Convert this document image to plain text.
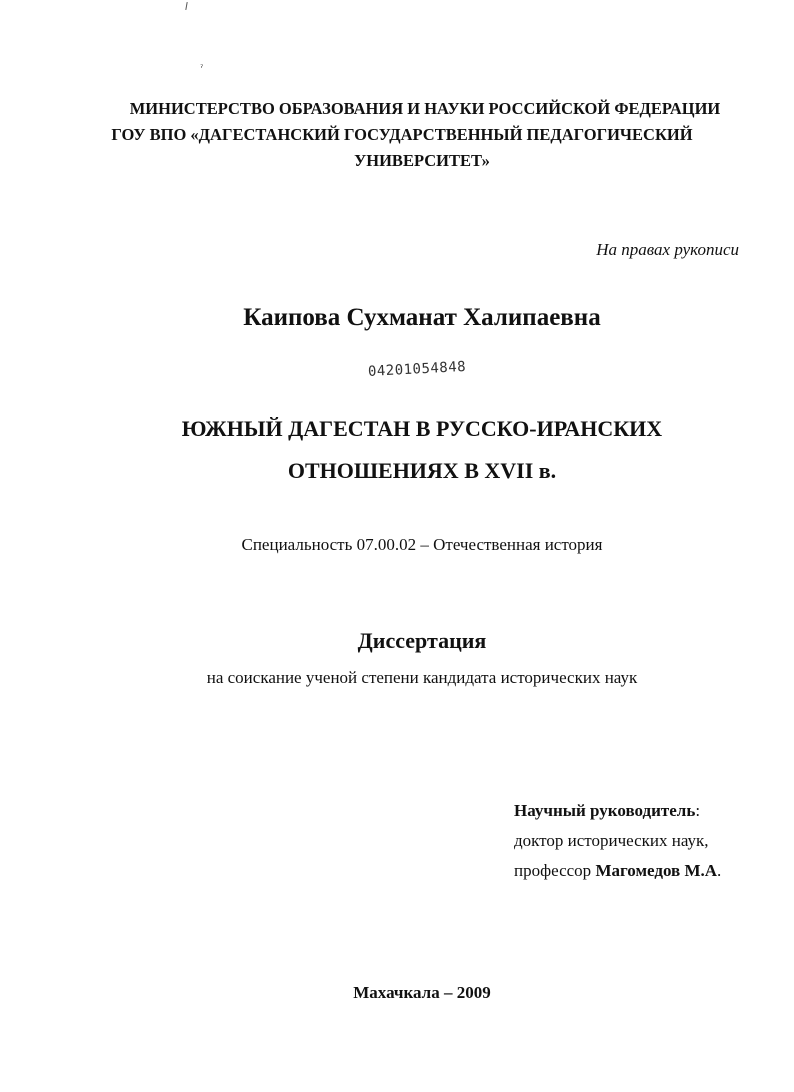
ˀ
МИНИСТЕРСТВО ОБРАЗОВАНИЯ И НАУКИ РОССИЙСКОЙ ФЕДЕРАЦИИ
ГОУ ВПО «ДАГЕСТАНСКИЙ ГОСУДАРСТВЕННЫЙ ПЕДАГОГИЧЕСКИЙ
УНИВЕРСИТЕТ»
На правах рукописи
Каипова Сухманат Халипаевна
04201054848
ЮЖНЫЙ ДАГЕСТАН В РУССКО-ИРАНСКИХ
ОТНОШЕНИЯХ В XVII в.
Специальность 07.00.02 – Отечественная история
Диссертация
на соискание ученой степени кандидата исторических наук
Научный руководитель:
доктор исторических наук,
профессор Магомедов М.А.
Махачкала – 2009
